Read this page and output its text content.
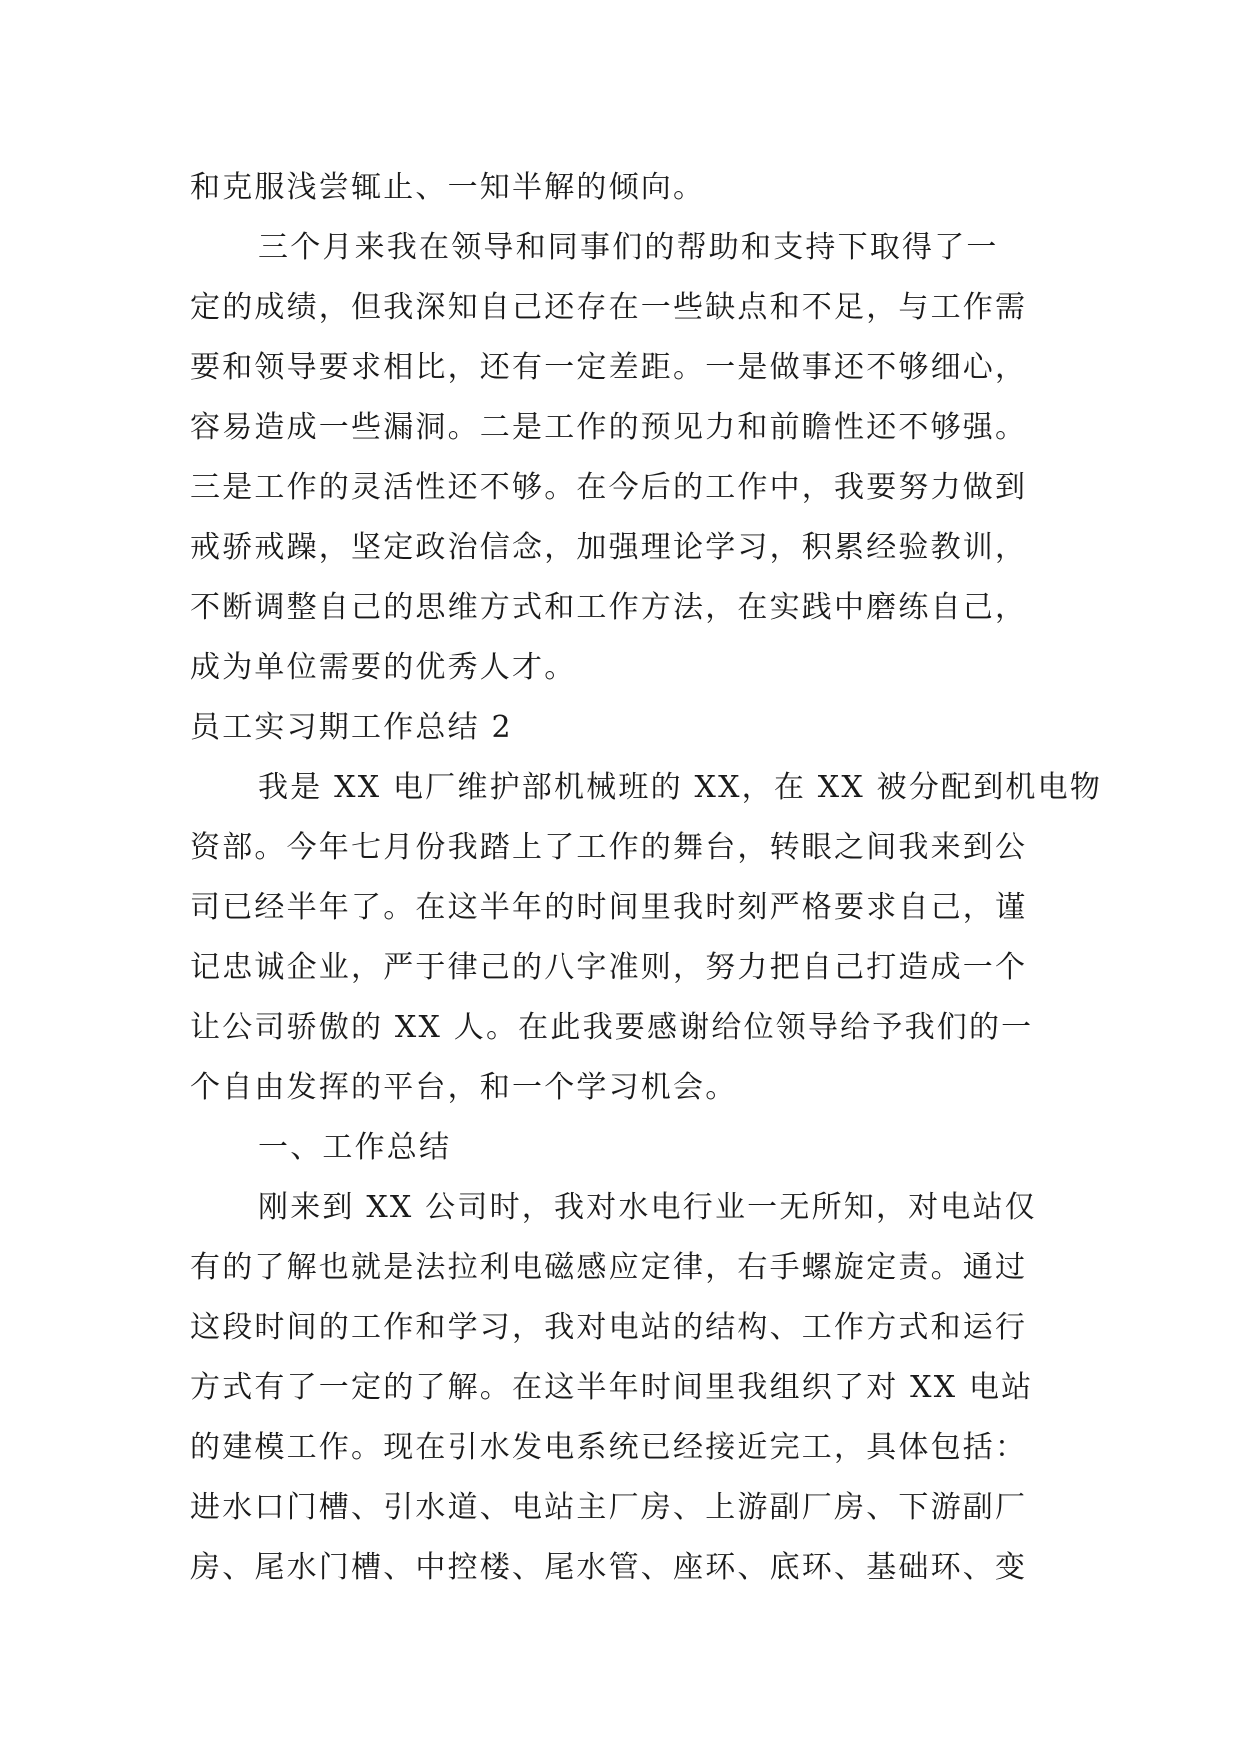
和克服浅尝辄止、一知半解的倾向。
三个月来我在领导和同事们的帮助和支持下取得了一
定的成绩，但我深知自己还存在一些缺点和不足，与工作需
要和领导要求相比，还有一定差距。一是做事还不够细心，
容易造成一些漏洞。二是工作的预见力和前瞻性还不够强。
三是工作的灵活性还不够。在今后的工作中，我要努力做到
戒骄戒躁，坚定政治信念，加强理论学习，积累经验教训，
不断调整自己的思维方式和工作方法，在实践中磨练自己，
成为单位需要的优秀人才。
员工实习期工作总结 2
我是 XX 电厂维护部机械班的 XX，在 XX 被分配到机电物
资部。今年七月份我踏上了工作的舞台，转眼之间我来到公
司已经半年了。在这半年的时间里我时刻严格要求自己，谨
记忠诚企业，严于律己的八字准则，努力把自己打造成一个
让公司骄傲的 XX 人。在此我要感谢给位领导给予我们的一
个自由发挥的平台，和一个学习机会。
一、工作总结
刚来到 XX 公司时，我对水电行业一无所知，对电站仅
有的了解也就是法拉利电磁感应定律，右手螺旋定责。通过
这段时间的工作和学习，我对电站的结构、工作方式和运行
方式有了一定的了解。在这半年时间里我组织了对 XX 电站
的建模工作。现在引水发电系统已经接近完工，具体包括：
进水口门槽、引水道、电站主厂房、上游副厂房、下游副厂
房、尾水门槽、中控楼、尾水管、座环、底环、基础环、变
